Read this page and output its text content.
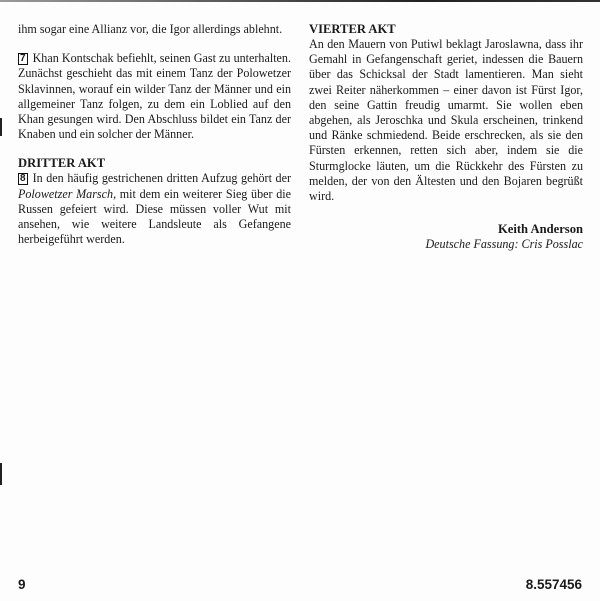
ihm sogar eine Allianz vor, die Igor allerdings ablehnt.

7 Khan Kontschak befiehlt, seinen Gast zu unterhalten. Zunächst geschieht das mit einem Tanz der Polowetzer Sklavinnen, worauf ein wilder Tanz der Männer und ein allgemeiner Tanz folgen, zu dem ein Loblied auf den Khan gesungen wird. Den Abschluss bildet ein Tanz der Knaben und ein solcher der Männer.

DRITTER AKT

8 In den häufig gestrichenen dritten Aufzug gehört der Polowetzer Marsch, mit dem ein weiterer Sieg über die Russen gefeiert wird. Diese müssen voller Wut mit ansehen, wie weitere Landsleute als Gefangene herbeigeführt werden.

VIERTER AKT

An den Mauern von Putiwl beklagt Jaroslawna, dass ihr Gemahl in Gefangenschaft geriet, indessen die Bauern über das Schicksal der Stadt lamentieren. Man sieht zwei Reiter näherkommen – einer davon ist Fürst Igor, den seine Gattin freudig umarmt. Sie wollen eben abgehen, als Jeroschka und Skula erscheinen, trinkend und Ränke schmiedend. Beide erschrecken, als sie den Fürsten erkennen, retten sich aber, indem sie die Sturmglocke läuten, um die Rückkehr des Fürsten zu melden, der von den Ältesten und den Bojaren begrüßt wird.

Keith Anderson
Deutsche Fassung: Cris Posslac
9	8.557456
